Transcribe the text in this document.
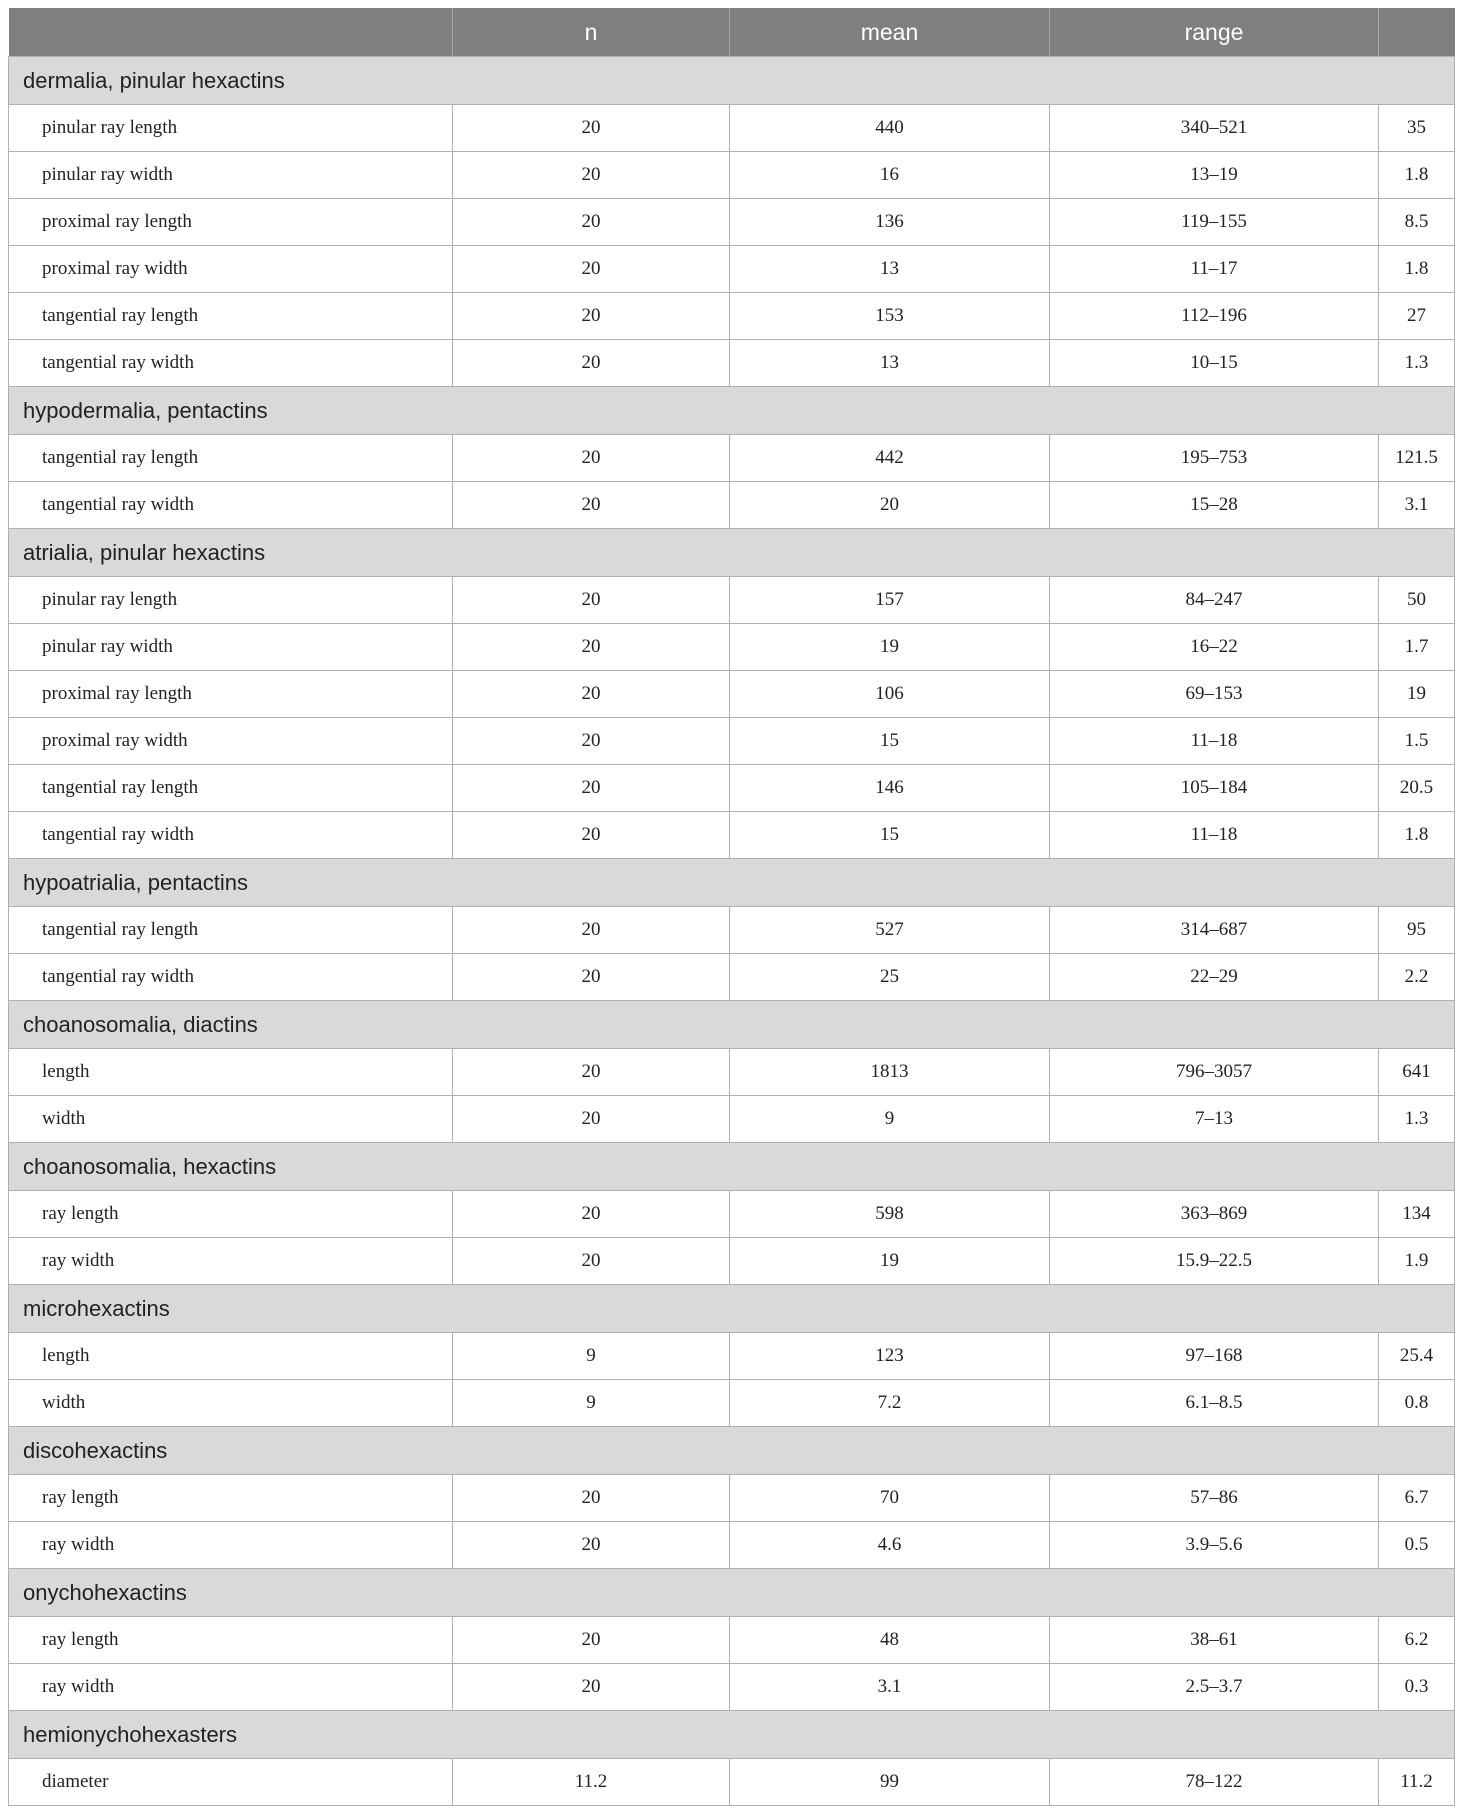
	n	mean	range	
dermalia, pinular hexactins				
pinular ray length	20	440	340–521	35
pinular ray width	20	16	13–19	1.8
proximal ray length	20	136	119–155	8.5
proximal ray width	20	13	11–17	1.8
tangential ray length	20	153	112–196	27
tangential ray width	20	13	10–15	1.3
hypodermalia, pentactins				
tangential ray length	20	442	195–753	121.5
tangential ray width	20	20	15–28	3.1
atrialia, pinular hexactins				
pinular ray length	20	157	84–247	50
pinular ray width	20	19	16–22	1.7
proximal ray length	20	106	69–153	19
proximal ray width	20	15	11–18	1.5
tangential ray length	20	146	105–184	20.5
tangential ray width	20	15	11–18	1.8
hypoatrialia, pentactins				
tangential ray length	20	527	314–687	95
tangential ray width	20	25	22–29	2.2
choanosomalia, diactins				
length	20	1813	796–3057	641
width	20	9	7–13	1.3
choanosomalia, hexactins				
ray length	20	598	363–869	134
ray width	20	19	15.9–22.5	1.9
microhexactins				
length	9	123	97–168	25.4
width	9	7.2	6.1–8.5	0.8
discohexactins				
ray length	20	70	57–86	6.7
ray width	20	4.6	3.9–5.6	0.5
onychohexactins				
ray length	20	48	38–61	6.2
ray width	20	3.1	2.5–3.7	0.3
hemionychohexasters				
diameter	11.2	99	78–122	11.2
